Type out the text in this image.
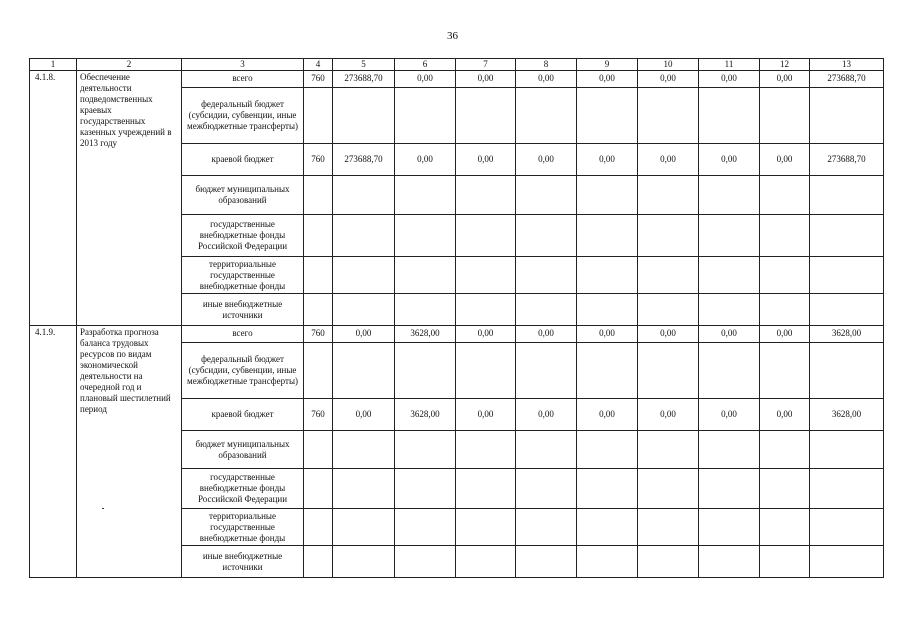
36
1	2	3	4	5	6	7	8	9	10	11	12	13
4.1.8.	Обеспечение деятельности подведомственных краевых государственных казенных учреждений в 2013 году	всего	760	273688,70	0,00	0,00	0,00	0,00	0,00	0,00	0,00	273688,70
		федеральный бюджет (субсидии, субвенции, иные межбюджетные трансферты)										
		краевой бюджет	760	273688,70	0,00	0,00	0,00	0,00	0,00	0,00	0,00	273688,70
		бюджет муниципальных образований										
		государственные внебюджетные фонды Российской Федерации										
		территориальные государственные внебюджетные фонды										
		иные внебюджетные источники										
4.1.9.	Разработка прогноза баланса трудовых ресурсов по видам экономической деятельности на очередной год и плановый шестилетний период	всего	760	0,00	3628,00	0,00	0,00	0,00	0,00	0,00	0,00	3628,00
		федеральный бюджет (субсидии, субвенции, иные межбюджетные трансферты)										
		краевой бюджет	760	0,00	3628,00	0,00	0,00	0,00	0,00	0,00	0,00	3628,00
		бюджет муниципальных образований										
		государственные внебюджетные фонды Российской Федерации										
		территориальные государственные внебюджетные фонды										
		иные внебюджетные источники										
